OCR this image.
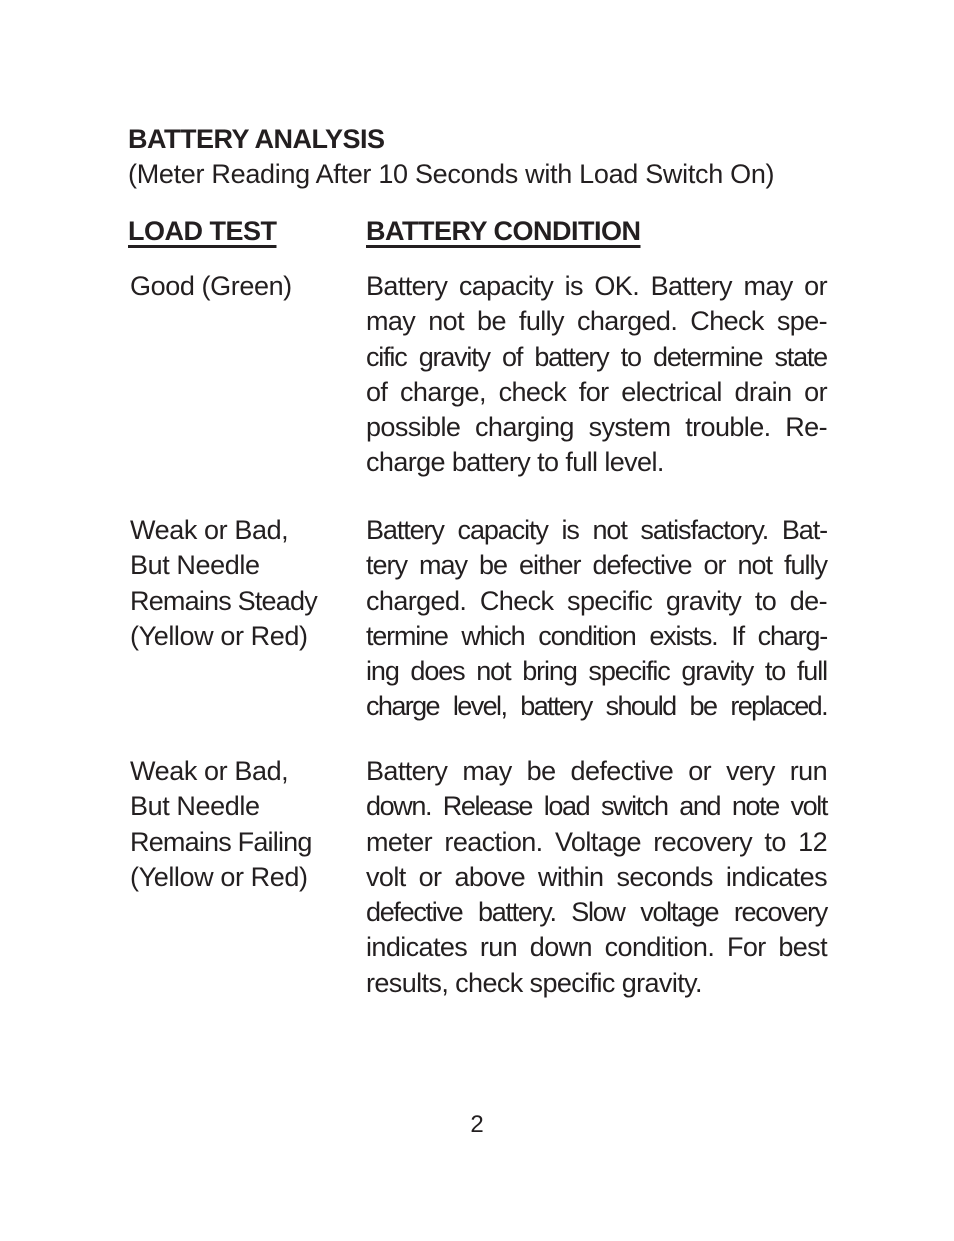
BATTERY ANALYSIS

(Meter Reading After 10 Seconds with Load Switch On)

LOAD TEST	BATTERY CONDITION
Good (Green)	Battery capacity is OK. Battery may or
may not be fully charged. Check spe-
cific gravity of battery to determine state
of charge, check for electrical drain or
possible charging system trouble. Re-
charge battery to full level.
Weak or Bad,
But Needle
Remains Steady
(Yellow or Red)
Battery capacity is not satisfactory. Bat-
tery may be either defective or not fully
charged. Check specific gravity to de-
termine which condition exists. If charg-
ing does not bring specific gravity to full
charge level, battery should be replaced.
Weak or Bad,
But Needle
Remains Failing
(Yellow or Red)
Battery may be defective or very run
down. Release load switch and note volt
meter reaction. Voltage recovery to 12
volt or above within seconds indicates
defective battery. Slow voltage recovery
indicates run down condition. For best
results, check specific gravity.
2
